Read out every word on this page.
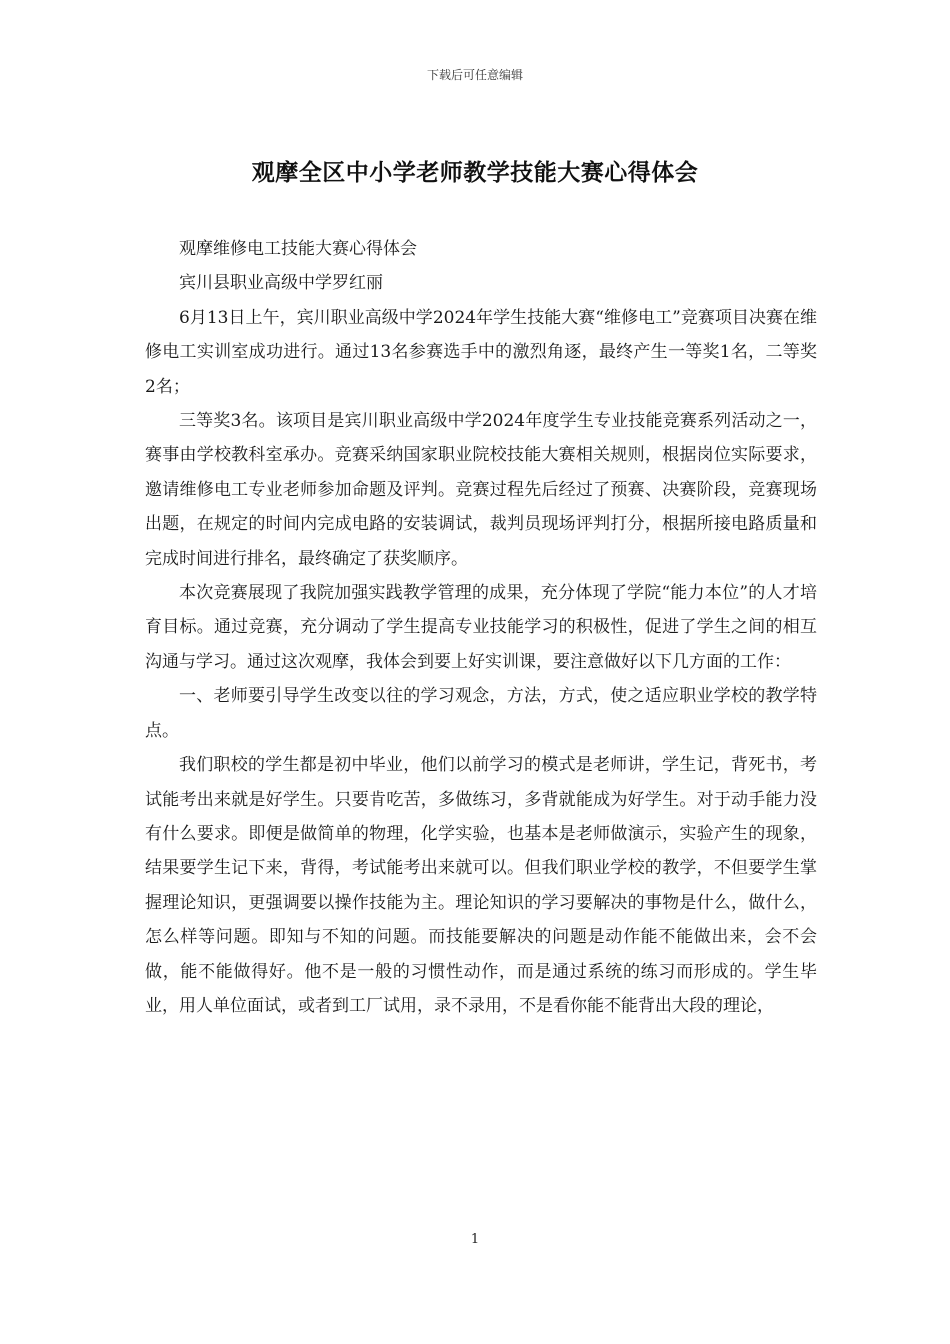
下载后可任意编辑
观摩全区中小学老师教学技能大赛心得体会

观摩维修电工技能大赛心得体会

宾川县职业高级中学罗红丽

6月13日上午，宾川职业高级中学2024年学生技能大赛“维修电工”竞赛项目决赛在维修电工实训室成功进行。通过13名参赛选手中的激烈角逐，最终产生一等奖1名，二等奖2名；

三等奖3名。该项目是宾川职业高级中学2024年度学生专业技能竞赛系列活动之一，赛事由学校教科室承办。竞赛采纳国家职业院校技能大赛相关规则，根据岗位实际要求，邀请维修电工专业老师参加命题及评判。竞赛过程先后经过了预赛、决赛阶段，竞赛现场出题，在规定的时间内完成电路的安装调试，裁判员现场评判打分，根据所接电路质量和完成时间进行排名，最终确定了获奖顺序。

本次竞赛展现了我院加强实践教学管理的成果，充分体现了学院“能力本位”的人才培育目标。通过竞赛，充分调动了学生提高专业技能学习的积极性，促进了学生之间的相互沟通与学习。通过这次观摩，我体会到要上好实训课，要注意做好以下几方面的工作：

一、老师要引导学生改变以往的学习观念，方法，方式，使之适应职业学校的教学特点。

我们职校的学生都是初中毕业，他们以前学习的模式是老师讲，学生记，背死书，考试能考出来就是好学生。只要肯吃苦，多做练习，多背就能成为好学生。对于动手能力没有什么要求。即便是做简单的物理，化学实验，也基本是老师做演示，实验产生的现象，结果要学生记下来，背得，考试能考出来就可以。但我们职业学校的教学，不但要学生掌握理论知识，更强调要以操作技能为主。理论知识的学习要解决的事物是什么，做什么，怎么样等问题。即知与不知的问题。而技能要解决的问题是动作能不能做出来，会不会做，能不能做得好。他不是一般的习惯性动作，而是通过系统的练习而形成的。学生毕业，用人单位面试，或者到工厂试用，录不录用，不是看你能不能背出大段的理论，

1
